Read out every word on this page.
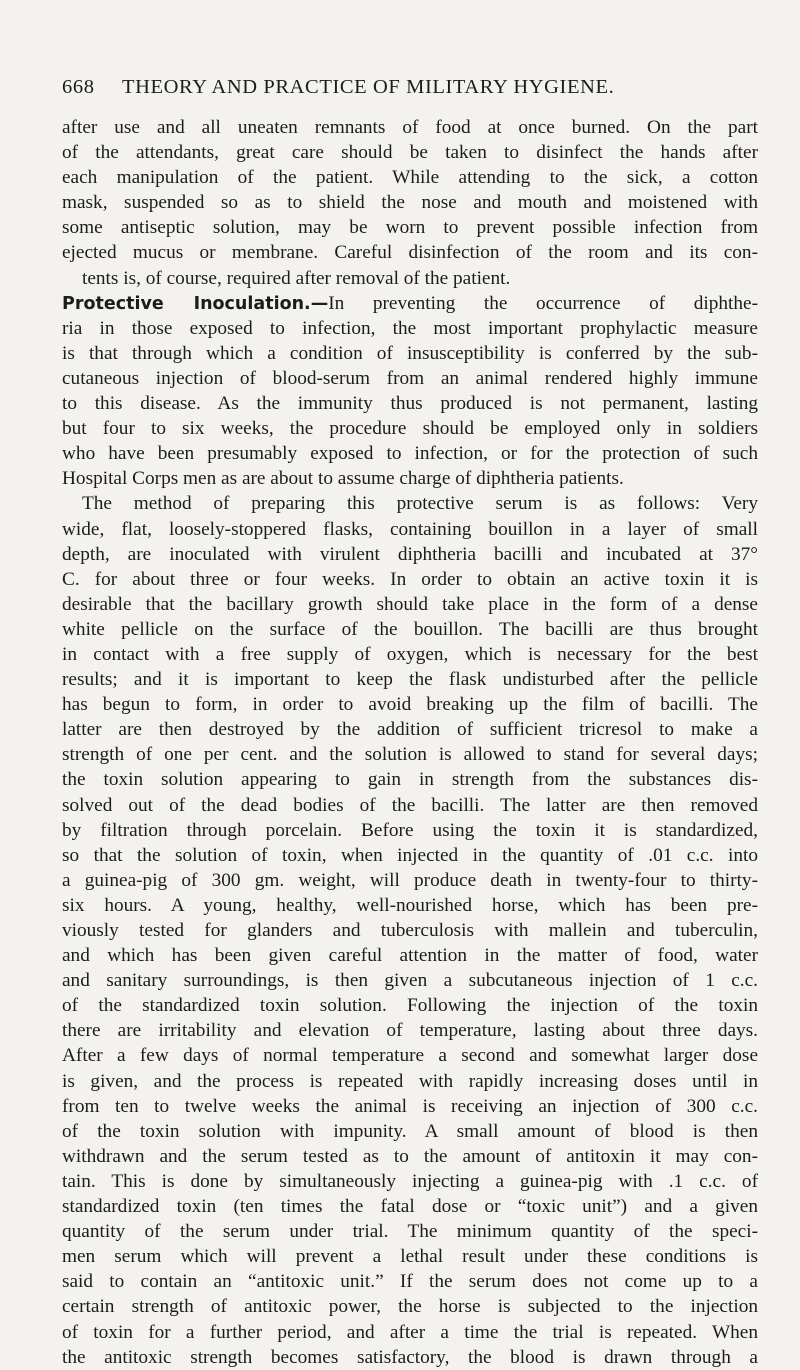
668 THEORY AND PRACTICE OF MILITARY HYGIENE.
after use and all uneaten remnants of food at once burned. On the part
of the attendants, great care should be taken to disinfect the hands after
each manipulation of the patient. While attending to the sick, a cotton
mask, suspended so as to shield the nose and mouth and moistened with
some antiseptic solution, may be worn to prevent possible infection from
ejected mucus or membrane. Careful disinfection of the room and its con-
tents is, of course, required after removal of the patient.
Protective Inoculation.—In preventing the occurrence of diphthe-
ria in those exposed to infection, the most important prophylactic measure
is that through which a condition of insusceptibility is conferred by the sub-
cutaneous injection of blood-serum from an animal rendered highly immune
to this disease. As the immunity thus produced is not permanent, lasting
but four to six weeks, the procedure should be employed only in soldiers
who have been presumably exposed to infection, or for the protection of such
Hospital Corps men as are about to assume charge of diphtheria patients.
The method of preparing this protective serum is as follows: Very
wide, flat, loosely-stoppered flasks, containing bouillon in a layer of small
depth, are inoculated with virulent diphtheria bacilli and incubated at 37°
C. for about three or four weeks. In order to obtain an active toxin it is
desirable that the bacillary growth should take place in the form of a dense
white pellicle on the surface of the bouillon. The bacilli are thus brought
in contact with a free supply of oxygen, which is necessary for the best
results; and it is important to keep the flask undisturbed after the pellicle
has begun to form, in order to avoid breaking up the film of bacilli. The
latter are then destroyed by the addition of sufficient tricresol to make a
strength of one per cent. and the solution is allowed to stand for several days;
the toxin solution appearing to gain in strength from the substances dis-
solved out of the dead bodies of the bacilli. The latter are then removed
by filtration through porcelain. Before using the toxin it is standardized,
so that the solution of toxin, when injected in the quantity of .01 c.c. into
a guinea-pig of 300 gm. weight, will produce death in twenty-four to thirty-
six hours. A young, healthy, well-nourished horse, which has been pre-
viously tested for glanders and tuberculosis with mallein and tuberculin,
and which has been given careful attention in the matter of food, water
and sanitary surroundings, is then given a subcutaneous injection of 1 c.c.
of the standardized toxin solution. Following the injection of the toxin
there are irritability and elevation of temperature, lasting about three days.
After a few days of normal temperature a second and somewhat larger dose
is given, and the process is repeated with rapidly increasing doses until in
from ten to twelve weeks the animal is receiving an injection of 300 c.c.
of the toxin solution with impunity. A small amount of blood is then
withdrawn and the serum tested as to the amount of antitoxin it may con-
tain. This is done by simultaneously injecting a guinea-pig with .1 c.c. of
standardized toxin (ten times the fatal dose or “toxic unit”) and a given
quantity of the serum under trial. The minimum quantity of the speci-
men serum which will prevent a lethal result under these conditions is
said to contain an “antitoxic unit.” If the serum does not come up to a
certain strength of antitoxic power, the horse is subjected to the injection
of toxin for a further period, and after a time the trial is repeated. When
the antitoxic strength becomes satisfactory, the blood is drawn through a
